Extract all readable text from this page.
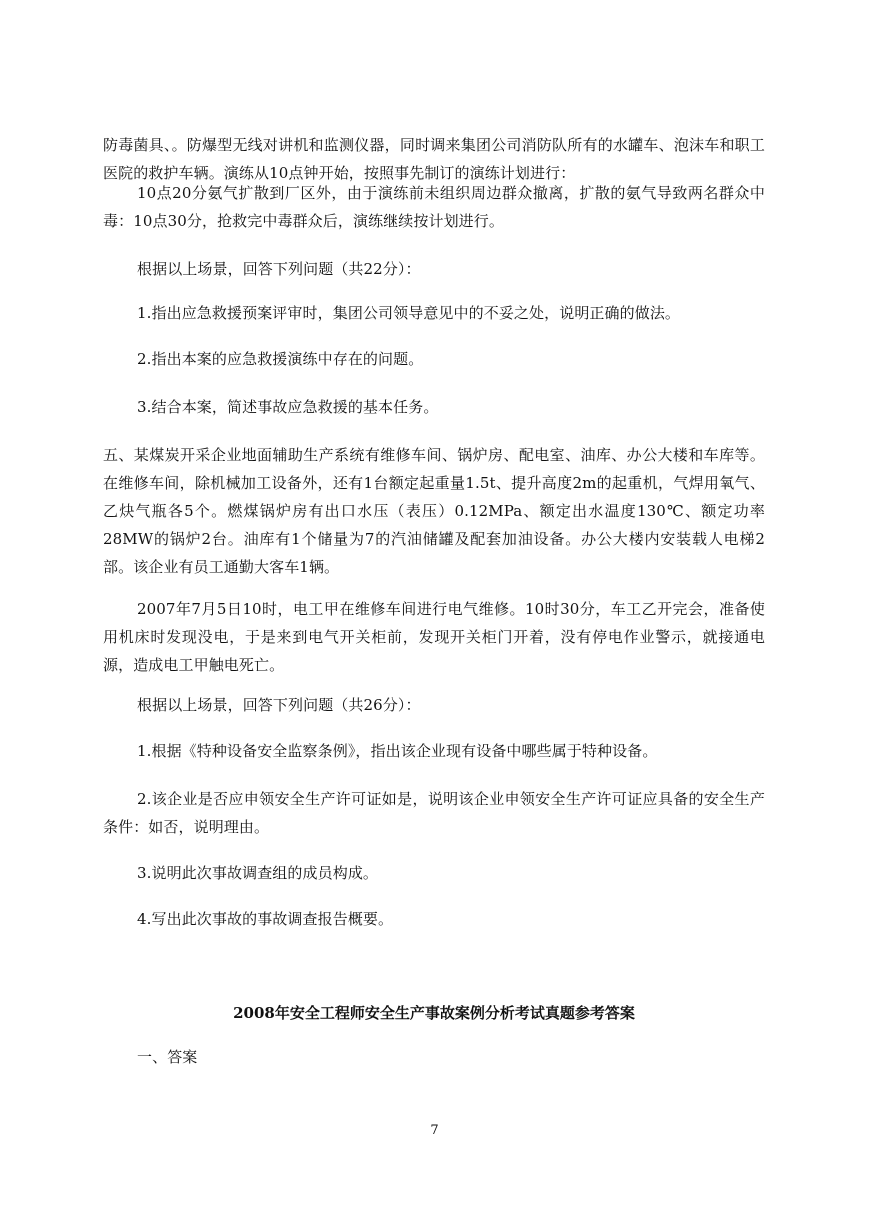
防毒菌具、。防爆型无线对讲机和监测仪器，同时调来集团公司消防队所有的水罐车、泡沫车和职工医院的救护车辆。演练从10点钟开始，按照事先制订的演练计划进行：

10点20分氨气扩散到厂区外，由于演练前未组织周边群众撤离，扩散的氨气导致两名群众中毒：10点30分，抢救完中毒群众后，演练继续按计划进行。

根据以上场景，回答下列问题（共22分）：

1.指出应急救援预案评审时，集团公司领导意见中的不妥之处，说明正确的做法。

2.指出本案的应急救援演练中存在的问题。

3.结合本案，简述事故应急救援的基本任务。

五、某煤炭开采企业地面辅助生产系统有维修车间、锅炉房、配电室、油库、办公大楼和车库等。在维修车间，除机械加工设备外，还有1台额定起重量1.5t、提升高度2m的起重机，气焊用氧气、乙炔气瓶各5个。燃煤锅炉房有出口水压（表压）0.12MPa、额定出水温度130℃、额定功率28MW的锅炉2台。油库有1个储量为7的汽油储罐及配套加油设备。办公大楼内安装载人电梯2部。该企业有员工通勤大客车1辆。

2007年7月5日10时，电工甲在维修车间进行电气维修。10时30分，车工乙开完会，准备使用机床时发现没电，于是来到电气开关柜前，发现开关柜门开着，没有停电作业警示，就接通电源，造成电工甲触电死亡。

根据以上场景，回答下列问题（共26分）：

1.根据《特种设备安全监察条例》，指出该企业现有设备中哪些属于特种设备。

2.该企业是否应申领安全生产许可证如是，说明该企业申领安全生产许可证应具备的安全生产条件：如否，说明理由。

3.说明此次事故调查组的成员构成。

4.写出此次事故的事故调查报告概要。

2008年安全工程师安全生产事故案例分析考试真题参考答案

一、答案

7
